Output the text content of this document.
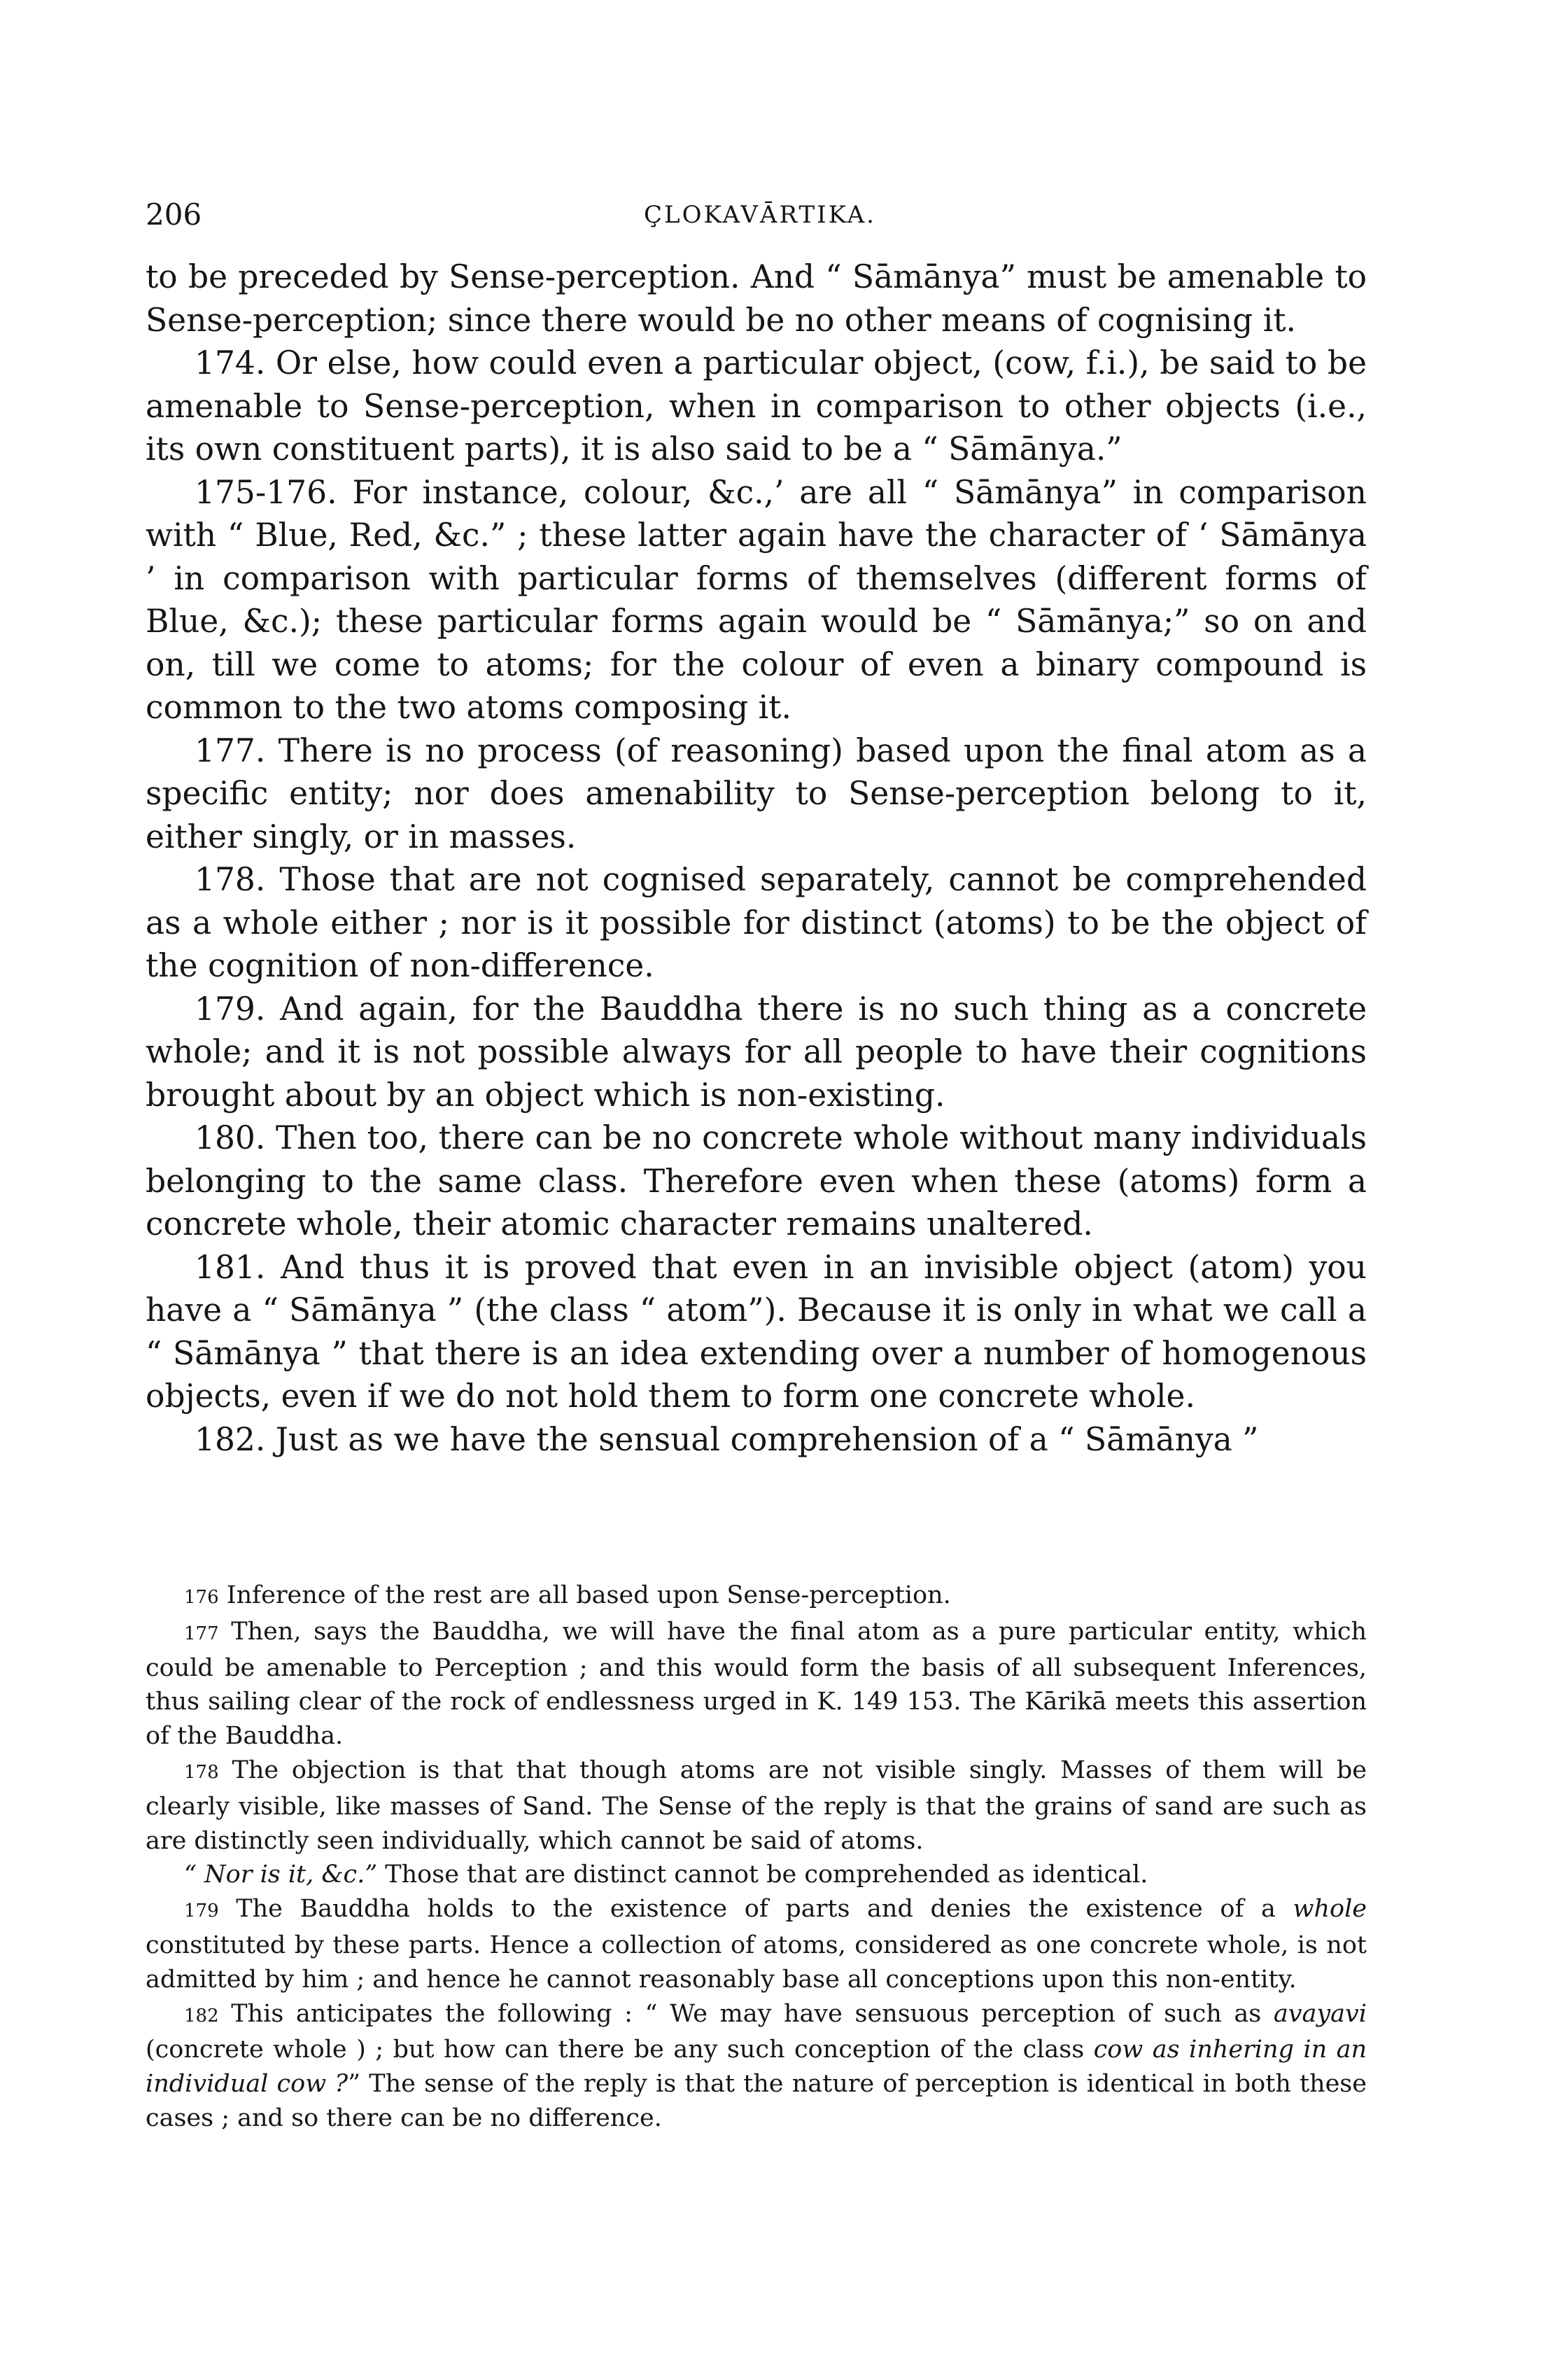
206	ÇLOKAVĀRTIKA.

to be preceded by Sense-perception. And “ Sāmānya” must be amenable to Sense-perception; since there would be no other means of cognising it.

174. Or else, how could even a particular object, (cow, f.i.), be said to be amenable to Sense-perception, when in comparison to other objects (i.e., its own constituent parts), it is also said to be a “ Sāmānya.”

175-176. For instance, colour, &c.,’ are all “ Sāmānya” in comparison with “ Blue, Red, &c.” ; these latter again have the character of ‘ Sāmānya ’ in comparison with particular forms of themselves (different forms of Blue, &c.); these particular forms again would be “ Sāmānya;” so on and on, till we come to atoms; for the colour of even a binary compound is common to the two atoms composing it.

177. There is no process (of reasoning) based upon the final atom as a specific entity; nor does amenability to Sense-perception belong to it, either singly, or in masses.

178. Those that are not cognised separately, cannot be comprehended as a whole either ; nor is it possible for distinct (atoms) to be the object of the cognition of non-difference.

179. And again, for the Bauddha there is no such thing as a concrete whole; and it is not possible always for all people to have their cognitions brought about by an object which is non-existing.

180. Then too, there can be no concrete whole without many individuals belonging to the same class. Therefore even when these (atoms) form a concrete whole, their atomic character remains unaltered.

181. And thus it is proved that even in an invisible object (atom) you have a “ Sāmānya ” (the class “ atom”). Because it is only in what we call a “ Sāmānya ” that there is an idea extending over a number of homogenous objects, even if we do not hold them to form one concrete whole.

182. Just as we have the sensual comprehension of a “ Sāmānya ”

176 Inference of the rest are all based upon Sense-perception.

177 Then, says the Bauddha, we will have the final atom as a pure particular entity, which could be amenable to Perception ; and this would form the basis of all subsequent Inferences, thus sailing clear of the rock of endlessness urged in K. 149 153. The Kārikā meets this assertion of the Bauddha.

178 The objection is that that though atoms are not visible singly. Masses of them will be clearly visible, like masses of Sand. The Sense of the reply is that the grains of sand are such as are distinctly seen individually, which cannot be said of atoms.

“ Nor is it, &c.” Those that are distinct cannot be comprehended as identical.

179 The Bauddha holds to the existence of parts and denies the existence of a whole constituted by these parts. Hence a collection of atoms, considered as one concrete whole, is not admitted by him ; and hence he cannot reasonably base all conceptions upon this non-entity.

182 This anticipates the following : “ We may have sensuous perception of such as avayavi (concrete whole ) ; but how can there be any such conception of the class cow as inhering in an individual cow ?” The sense of the reply is that the nature of perception is identical in both these cases ; and so there can be no difference.
